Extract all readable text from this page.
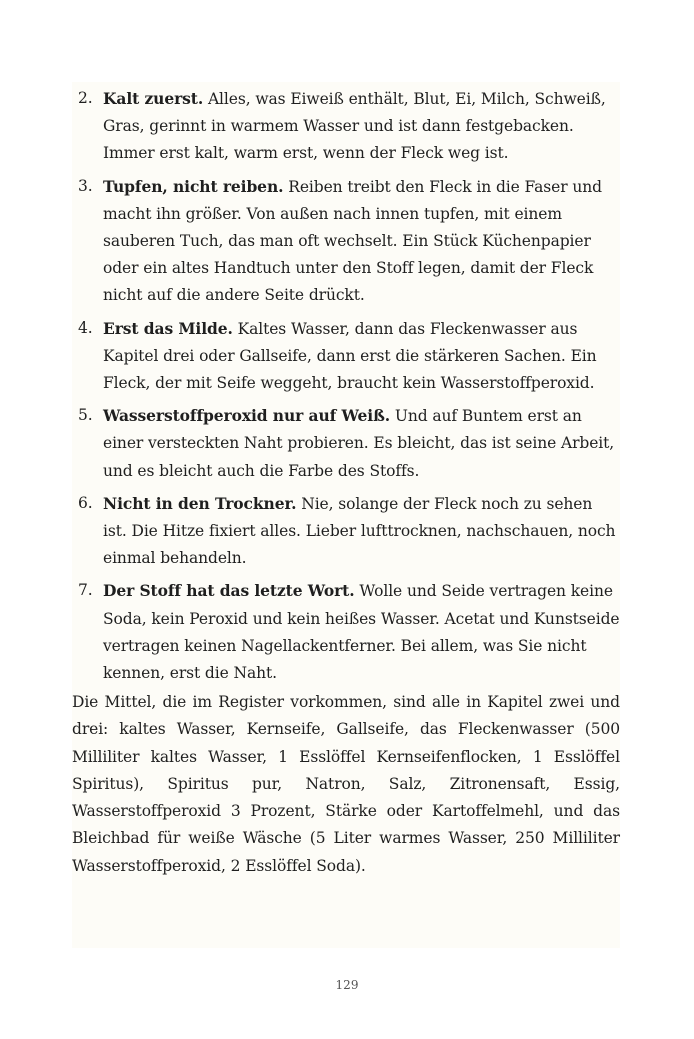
2. Kalt zuerst. Alles, was Eiweiß enthält, Blut, Ei, Milch, Schweiß, Gras, gerinnt in warmem Wasser und ist dann festgebacken. Immer erst kalt, warm erst, wenn der Fleck weg ist.
3. Tupfen, nicht reiben. Reiben treibt den Fleck in die Faser und macht ihn größer. Von außen nach innen tupfen, mit einem sauberen Tuch, das man oft wechselt. Ein Stück Küchenpapier oder ein altes Handtuch unter den Stoff legen, damit der Fleck nicht auf die andere Seite drückt.
4. Erst das Milde. Kaltes Wasser, dann das Fleckenwasser aus Kapitel drei oder Gallseife, dann erst die stärkeren Sachen. Ein Fleck, der mit Seife weggeht, braucht kein Wasserstoffperoxid.
5. Wasserstoffperoxid nur auf Weiß. Und auf Buntem erst an einer versteckten Naht probieren. Es bleicht, das ist seine Arbeit, und es bleicht auch die Farbe des Stoffs.
6. Nicht in den Trockner. Nie, solange der Fleck noch zu sehen ist. Die Hitze fixiert alles. Lieber lufttrocknen, nachschauen, noch einmal behandeln.
7. Der Stoff hat das letzte Wort. Wolle und Seide vertragen keine Soda, kein Peroxid und kein heißes Wasser. Acetat und Kunstseide vertragen keinen Nagellackentferner. Bei allem, was Sie nicht kennen, erst die Naht.

Die Mittel, die im Register vorkommen, sind alle in Kapitel zwei und drei: kaltes Wasser, Kernseife, Gallseife, das Fleckenwasser (500 Milliliter kaltes Wasser, 1 Esslöffel Kernseifenflocken, 1 Esslöffel Spiritus), Spiritus pur, Natron, Salz, Zitronensaft, Essig, Wasserstoffperoxid 3 Prozent, Stärke oder Kartoffelmehl, und das Bleichbad für weiße Wäsche (5 Liter warmes Wasser, 250 Milliliter Wasserstoffperoxid, 2 Esslöffel Soda).

129
